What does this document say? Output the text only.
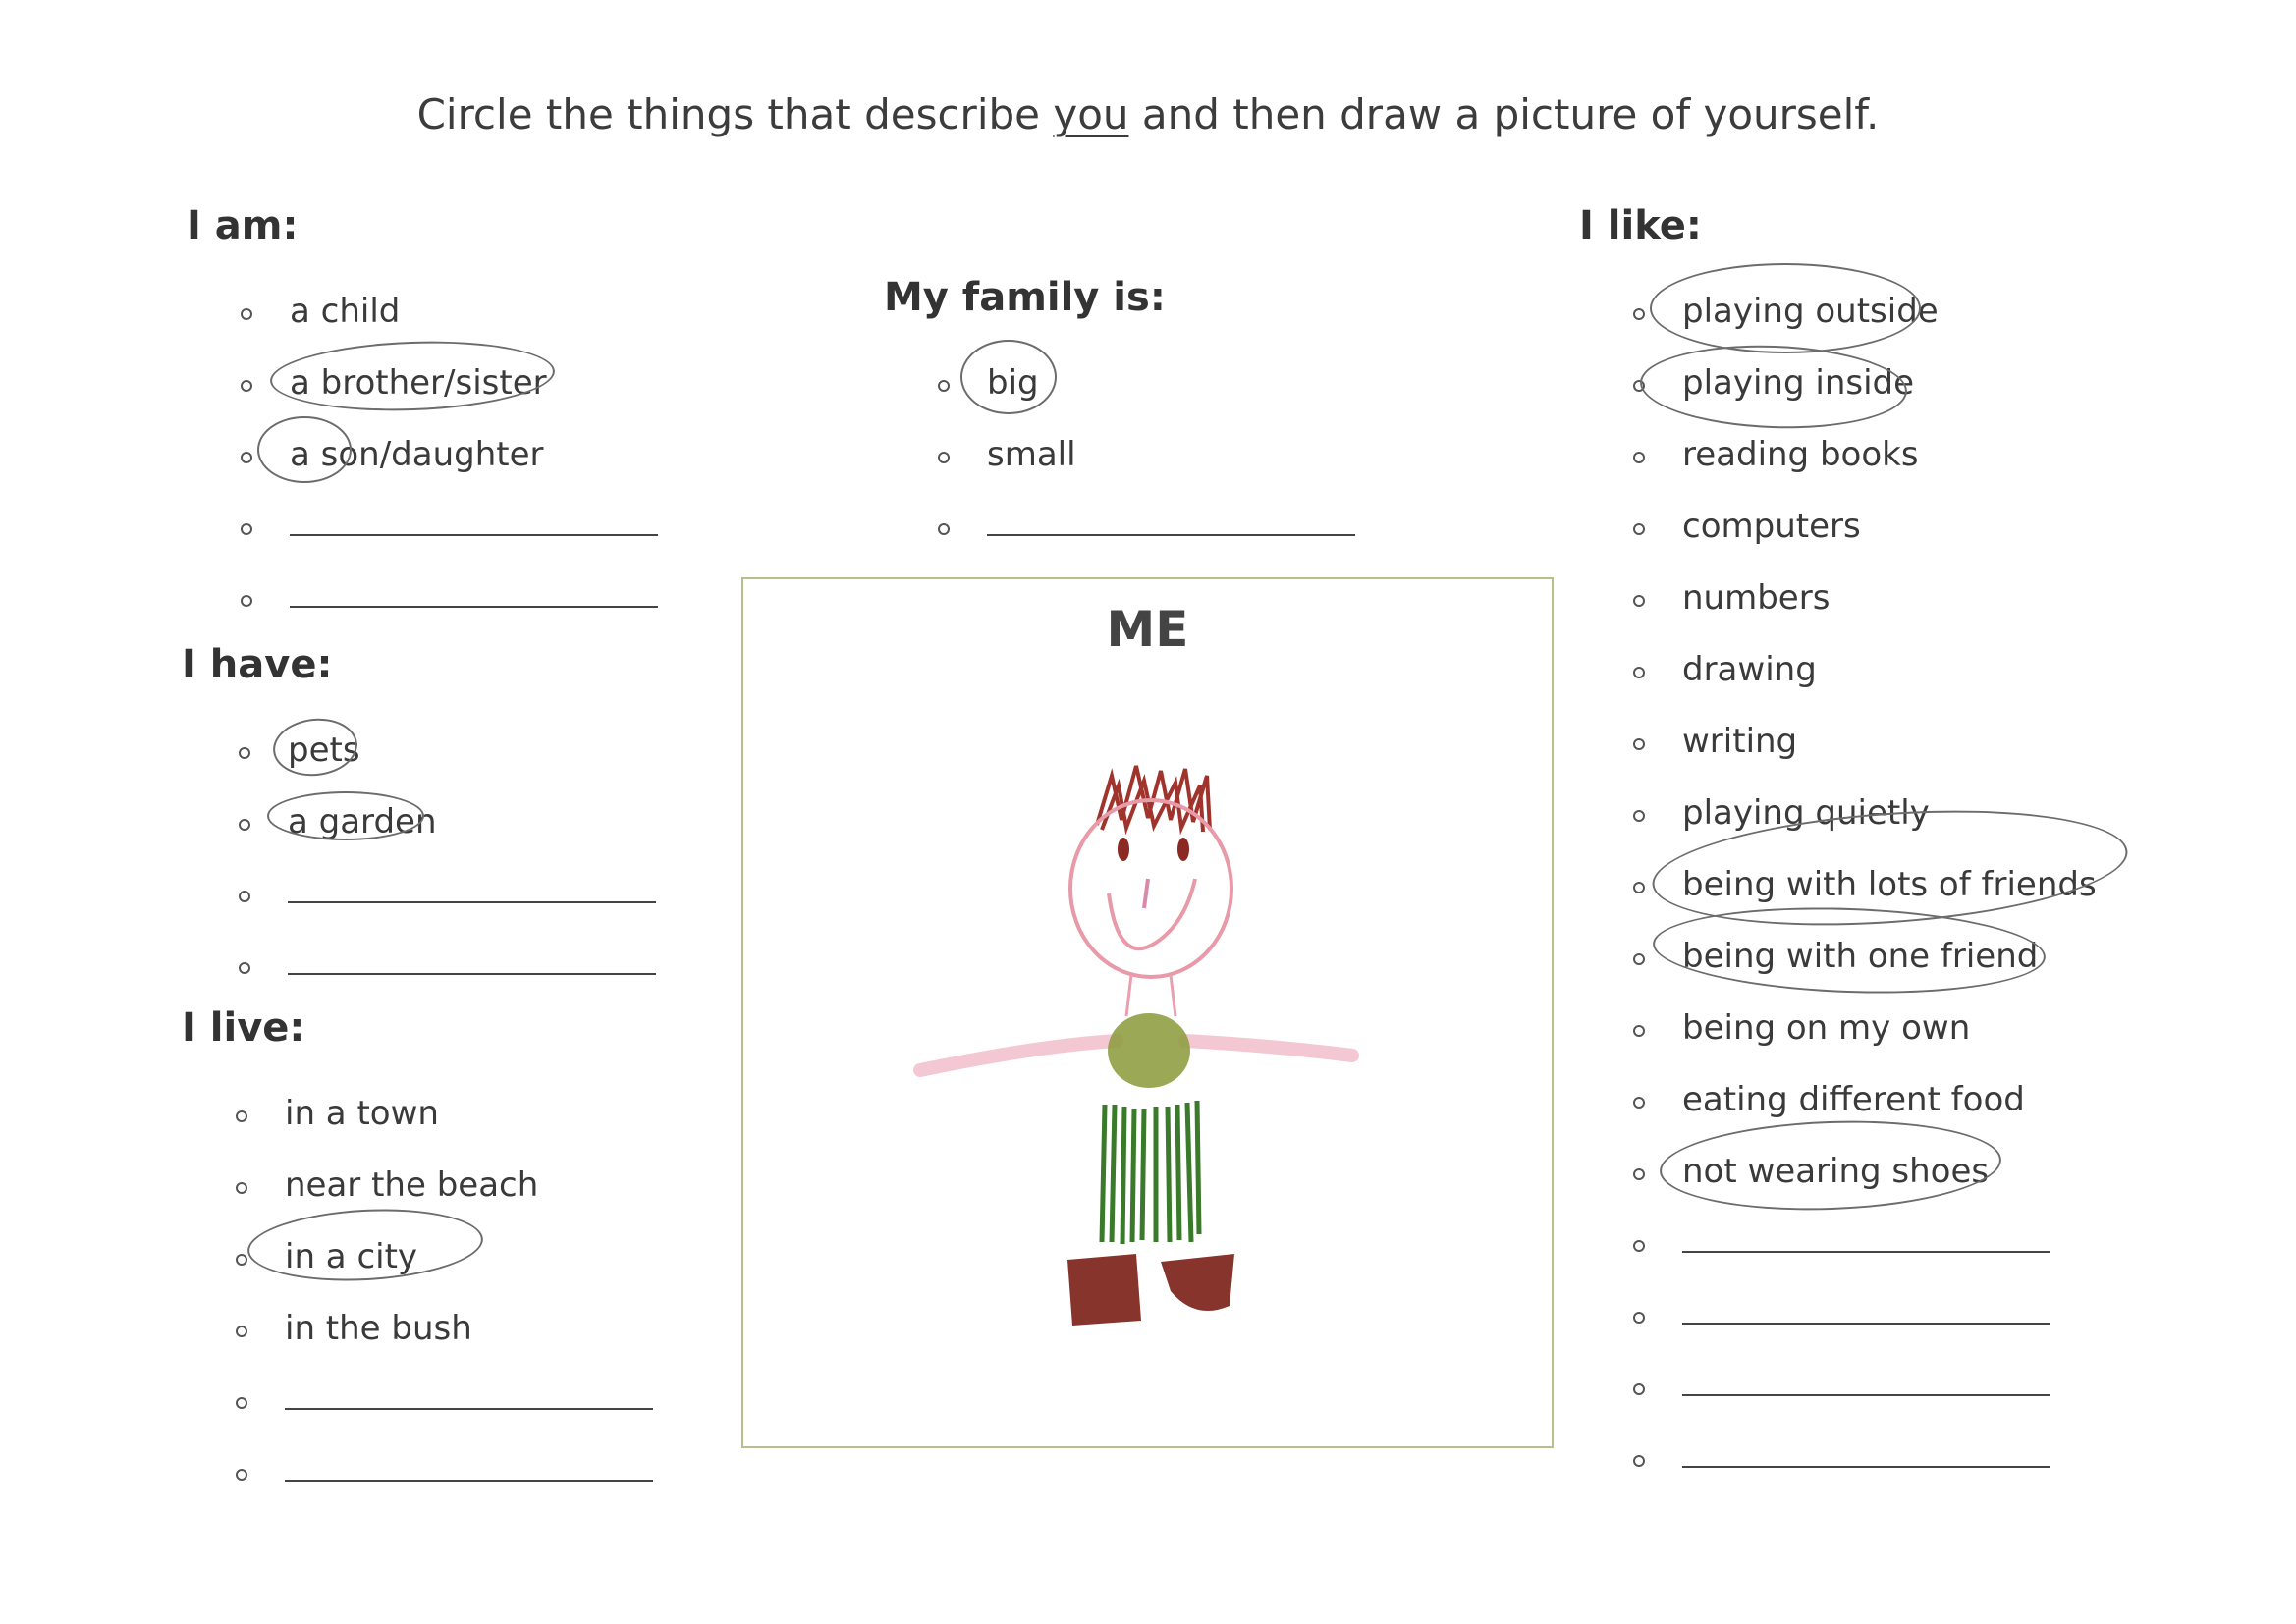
Circle the things that describe you and then draw a picture of yourself.
I am:
a child
a brother/sister
a son/daughter
I have:
pets
a garden
I live:
in a town
near the beach
in a city
in the bush
My family is:
big
small
ME
I like:
playing outside
playing inside
reading books
computers
numbers
drawing
writing
playing quietly
being with lots of friends
being with one friend
being on my own
eating different food
not wearing shoes
